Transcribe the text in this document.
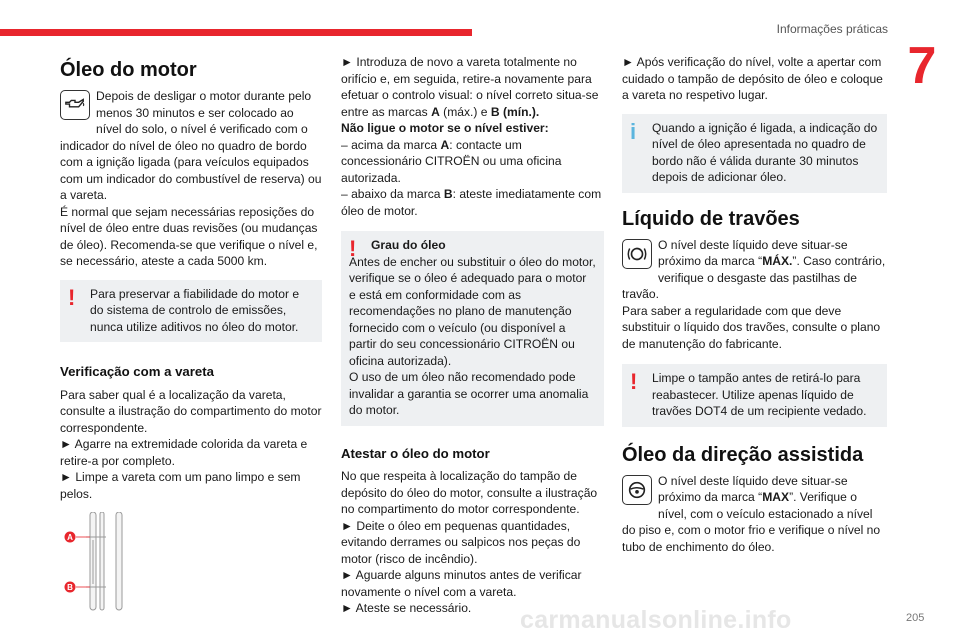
Informações práticas
7
Óleo do motor

Depois de desligar o motor durante pelo menos 30 minutos e ser colocado ao

nível do solo, o nível é verificado com o indicador do nível de óleo no quadro de bordo com a ignição ligada (para veículos equipados com um indicador do combustível de reserva) ou a vareta.

É normal que sejam necessárias reposições do nível de óleo entre duas revisões (ou mudanças de óleo). Recomenda-se que verifique o nível e, se necessário, ateste a cada 5000 km.

!	Para preservar a fiabilidade do motor e do sistema de controlo de emissões, nunca utilize aditivos no óleo do motor.

Verificação com a vareta

Para saber qual é a localização da vareta, consulte a ilustração do compartimento do motor correspondente.

► Agarre na extremidade colorida da vareta e retire-a por completo.

► Limpe a vareta com um pano limpo e sem pelos.

A
B

► Introduza de novo a vareta totalmente no orifício e, em seguida, retire-a novamente para efetuar o controlo visual: o nível correto situa-se entre as marcas A (máx.) e B (mín.).

Não ligue o motor se o nível estiver:

– acima da marca A: contacte um concessionário CITROËN ou uma oficina autorizada.

– abaixo da marca B: ateste imediatamente com óleo de motor.

!	Grau do óleo

Antes de encher ou substituir o óleo do motor, verifique se o óleo é adequado para o motor e está em conformidade com as recomendações no plano de manutenção fornecido com o veículo (ou disponível a partir do seu concessionário CITROËN ou oficina autorizada).

O uso de um óleo não recomendado pode invalidar a garantia se ocorrer uma anomalia do motor.

Atestar o óleo do motor

No que respeita à localização do tampão de depósito do óleo do motor, consulte a ilustração no compartimento do motor correspondente.

► Deite o óleo em pequenas quantidades, evitando derrames ou salpicos nos peças do motor (risco de incêndio).

► Aguarde alguns minutos antes de verificar novamente o nível com a vareta.

► Ateste se necessário.

► Após verificação do nível, volte a apertar com cuidado o tampão de depósito de óleo e coloque a vareta no respetivo lugar.

i	Quando a ignição é ligada, a indicação do nível de óleo apresentada no quadro de bordo não é válida durante 30 minutos depois de adicionar óleo.

Líquido de travões

O nível deste líquido deve situar-se próximo da marca “MÁX.”. Caso contrário, verifique o desgaste das pastilhas de travão.

Para saber a regularidade com que deve substituir o líquido dos travões, consulte o plano de manutenção do fabricante.

!	Limpe o tampão antes de retirá-lo para reabastecer. Utilize apenas líquido de travões DOT4 de um recipiente vedado.

Óleo da direção assistida

O nível deste líquido deve situar-se próximo da marca “MAX”. Verifique o nível, com o veículo estacionado a nível do piso e, com o motor frio e verifique o nível no tubo de enchimento do óleo.

carmanualsonline.info	205
